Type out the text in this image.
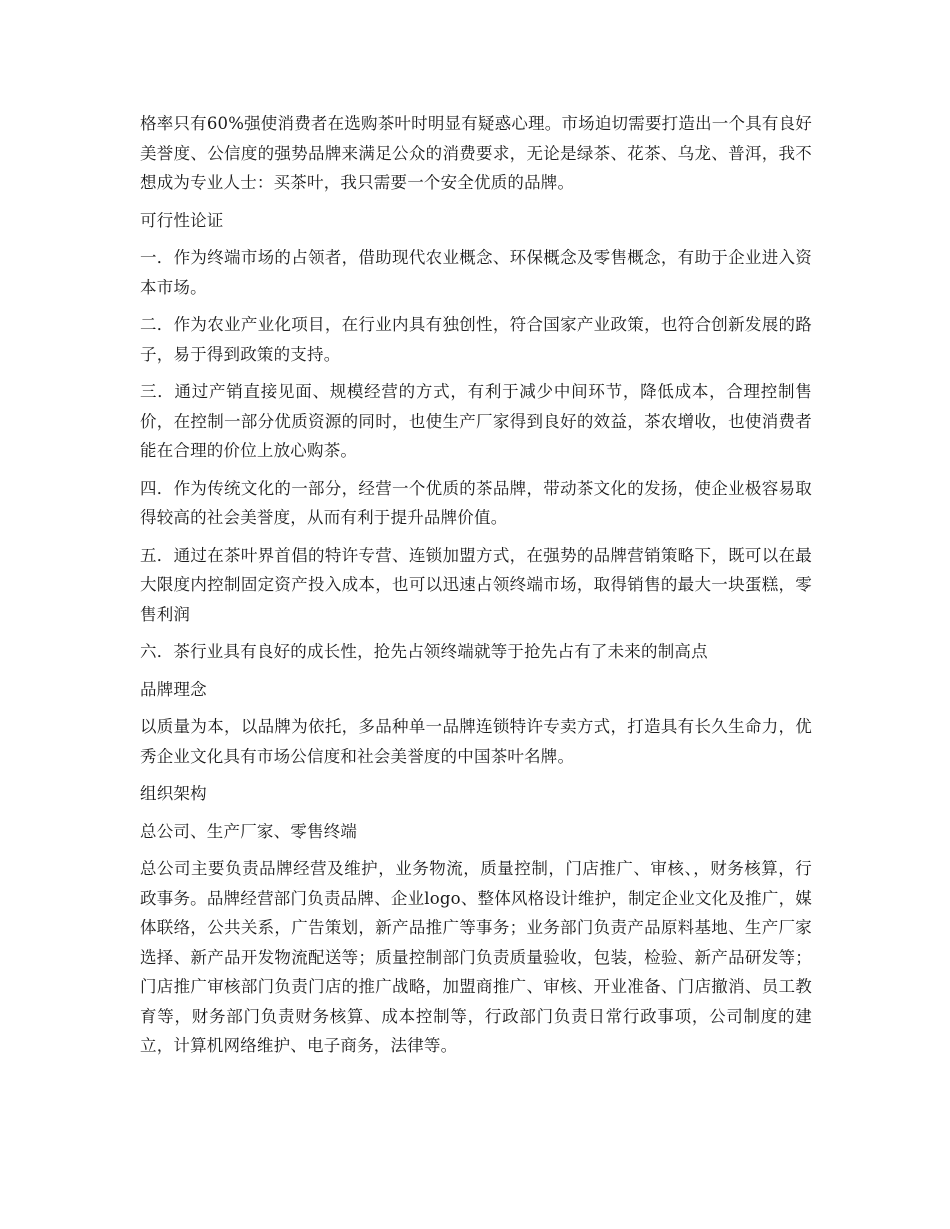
格率只有60%强使消费者在选购茶叶时明显有疑惑心理。市场迫切需要打造出一个具有良好美誉度、公信度的强势品牌来满足公众的消费要求，无论是绿茶、花茶、乌龙、普洱，我不想成为专业人士：买茶叶，我只需要一个安全优质的品牌。

可行性论证

一．作为终端市场的占领者，借助现代农业概念、环保概念及零售概念，有助于企业进入资本市场。

二．作为农业产业化项目，在行业内具有独创性，符合国家产业政策，也符合创新发展的路子，易于得到政策的支持。

三．通过产销直接见面、规模经营的方式，有利于减少中间环节，降低成本，合理控制售价，在控制一部分优质资源的同时，也使生产厂家得到良好的效益，茶农增收，也使消费者能在合理的价位上放心购茶。

四．作为传统文化的一部分，经营一个优质的茶品牌，带动茶文化的发扬，使企业极容易取得较高的社会美誉度，从而有利于提升品牌价值。

五．通过在茶叶界首倡的特许专营、连锁加盟方式，在强势的品牌营销策略下，既可以在最大限度内控制固定资产投入成本，也可以迅速占领终端市场，取得销售的最大一块蛋糕，零售利润

六．茶行业具有良好的成长性，抢先占领终端就等于抢先占有了未来的制高点

品牌理念

以质量为本，以品牌为依托，多品种单一品牌连锁特许专卖方式，打造具有长久生命力，优秀企业文化具有市场公信度和社会美誉度的中国茶叶名牌。

组织架构

总公司、生产厂家、零售终端

总公司主要负责品牌经营及维护，业务物流，质量控制，门店推广、审核、，财务核算，行政事务。品牌经营部门负责品牌、企业logo、整体风格设计维护，制定企业文化及推广，媒体联络，公共关系，广告策划，新产品推广等事务；业务部门负责产品原料基地、生产厂家选择、新产品开发物流配送等；质量控制部门负责质量验收，包装，检验、新产品研发等；门店推广审核部门负责门店的推广战略，加盟商推广、审核、开业准备、门店撤消、员工教育等，财务部门负责财务核算、成本控制等，行政部门负责日常行政事项，公司制度的建立，计算机网络维护、电子商务，法律等。
